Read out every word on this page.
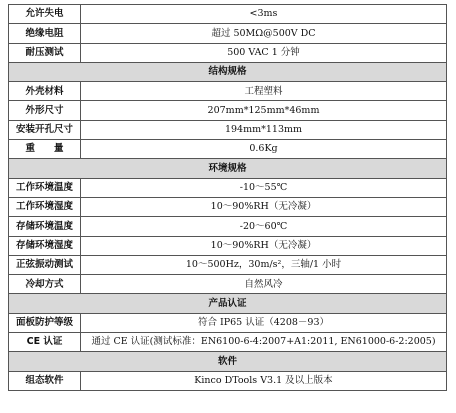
允许失电	<3ms
绝缘电阻	超过 50MΩ@500V DC
耐压测试	500 VAC 1 分钟
结构规格	
外壳材料	工程塑料
外形尺寸	207mm*125mm*46mm
安装开孔尺寸	194mm*113mm
重　　量	0.6Kg
环境规格	
工作环境温度	-10～55℃
工作环境湿度	10～90%RH（无冷凝）
存储环境温度	-20～60℃
存储环境湿度	10～90%RH（无冷凝）
正弦振动测试	10～500Hz，30m/s²，三轴/1 小时
冷却方式	自然风冷
产品认证	
面板防护等级	符合 IP65 认证（4208－93）
CE 认证	通过 CE 认证(测试标准：EN6100-6-4:2007+A1:2011, EN61000-6-2:2005)
软件	
组态软件	Kinco DTools V3.1 及以上版本
